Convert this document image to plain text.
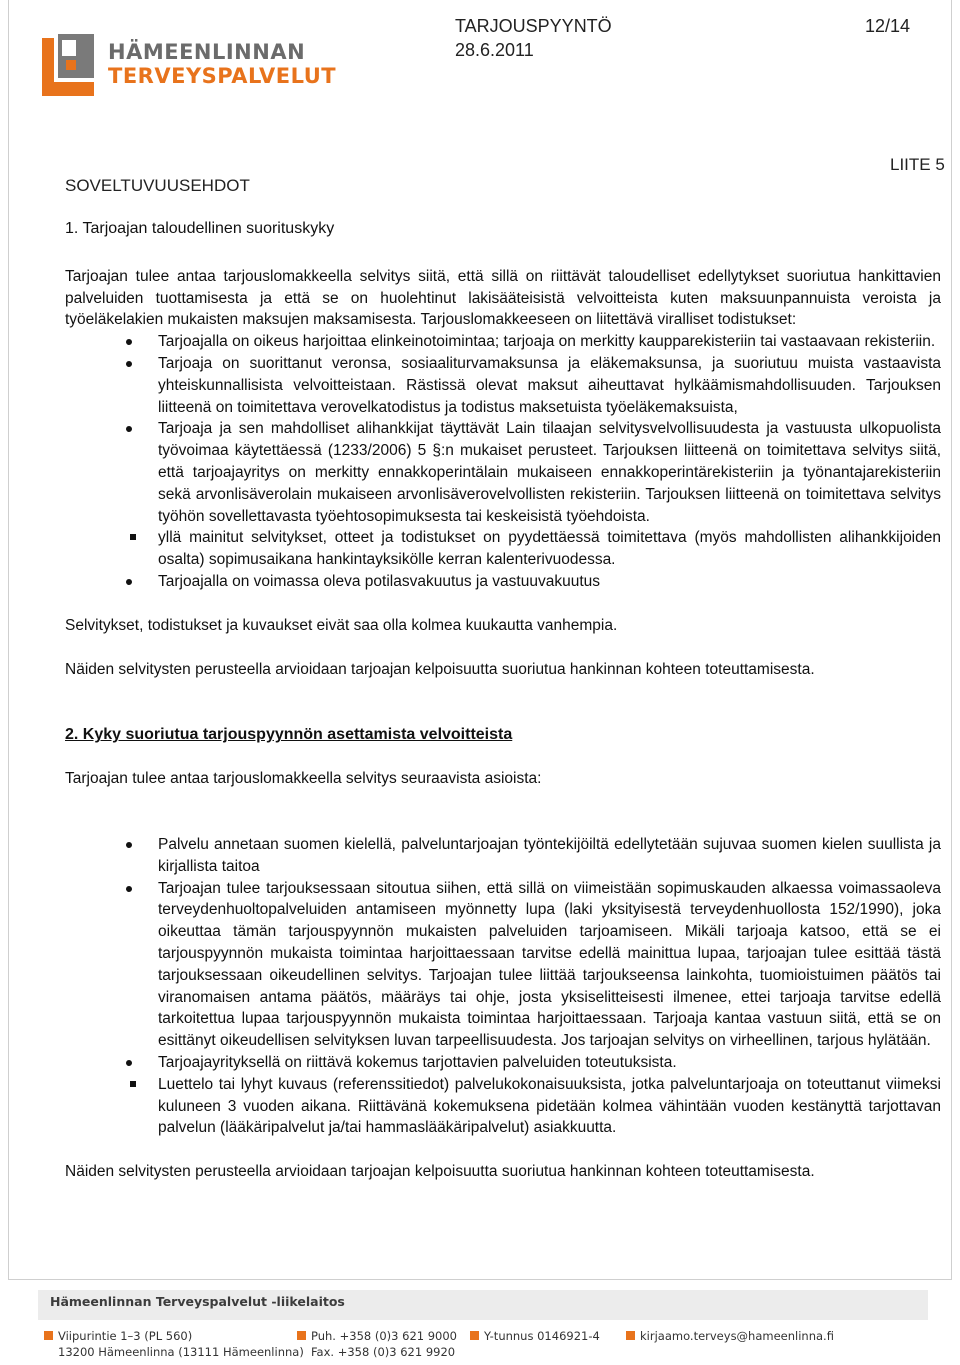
HÄMEENLINNAN
TERVEYSPALVELUT
TARJOUSPYYNTÖ
28.6.2011
12/14
LIITE 5
SOVELTUVUUSEHDOT
1. Tarjoajan taloudellinen suorituskyky

Tarjoajan tulee antaa tarjouslomakkeella selvitys siitä, että sillä on riittävät taloudelliset edellytykset suoriutua hankittavien palveluiden tuottamisesta ja että se on huolehtinut lakisääteisistä velvoitteista kuten maksuunpannuista veroista ja työeläkelakien mukaisten maksujen maksamisesta. Tarjouslomakkeeseen on liitettävä viralliset todistukset:

Tarjoajalla on oikeus harjoittaa elinkeinotoimintaa; tarjoaja on merkitty kaupparekisteriin tai vastaavaan rekisteriin.
Tarjoaja on suorittanut veronsa, sosiaaliturvamaksunsa ja eläkemaksunsa, ja suoriutuu muista vastaavista yhteiskunnallisista velvoitteistaan. Rästissä olevat maksut aiheuttavat hylkäämismahdollisuuden. Tarjouksen liitteenä on toimitettava verovelkatodistus ja todistus maksetuista työeläkemaksuista,
Tarjoaja ja sen mahdolliset alihankkijat täyttävät Lain tilaajan selvitysvelvollisuudesta ja vastuusta ulkopuolista työvoimaa käytettäessä (1233/2006) 5 §:n mukaiset perusteet. Tarjouksen liitteenä on toimitettava selvitys siitä, että tarjoajayritys on merkitty ennakkoperintälain mukaiseen ennakkoperintärekisteriin ja työnantajarekisteriin sekä arvonlisäverolain mukaiseen arvonlisäverovelvollisten rekisteriin. Tarjouksen liitteenä on toimitettava selvitys työhön sovellettavasta työehtosopimuksesta tai keskeisistä työehdoista.
yllä mainitut selvitykset, otteet ja todistukset on pyydettäessä toimitettava (myös mahdollisten alihankkijoiden osalta) sopimusaikana hankintayksikölle kerran kalenterivuodessa.
Tarjoajalla on voimassa oleva potilasvakuutus ja vastuuvakuutus

Selvitykset, todistukset ja kuvaukset eivät saa olla kolmea kuukautta vanhempia.

Näiden selvitysten perusteella arvioidaan tarjoajan kelpoisuutta suoriutua hankinnan kohteen toteuttamisesta.

2. Kyky suoriutua tarjouspyynnön asettamista velvoitteista

Tarjoajan tulee antaa tarjouslomakkeella selvitys seuraavista asioista:

Palvelu annetaan suomen kielellä, palveluntarjoajan työntekijöiltä edellytetään sujuvaa suomen kielen suullista ja kirjallista taitoa
Tarjoajan tulee tarjouksessaan sitoutua siihen, että sillä on viimeistään sopimuskauden alkaessa voimassaoleva terveydenhuoltopalveluiden antamiseen myönnetty lupa (laki yksityisestä terveydenhuollosta 152/1990), joka oikeuttaa tämän tarjouspyynnön mukaisten palveluiden tarjoamiseen. Mikäli tarjoaja katsoo, että se ei tarjouspyynnön mukaista toimintaa harjoittaessaan tarvitse edellä mainittua lupaa, tarjoajan tulee esittää tästä tarjouksessaan oikeudellinen selvitys. Tarjoajan tulee liittää tarjoukseensa lainkohta, tuomioistuimen päätös tai viranomaisen antama päätös, määräys tai ohje, josta yksiselitteisesti ilmenee, ettei tarjoaja tarvitse edellä tarkoitettua lupaa tarjouspyynnön mukaista toimintaa harjoittaessaan. Tarjoaja kantaa vastuun siitä, että se on esittänyt oikeudellisen selvityksen luvan tarpeellisuudesta. Jos tarjoajan selvitys on virheellinen, tarjous hylätään.
Tarjoajayrityksellä on riittävä kokemus tarjottavien palveluiden toteutuksista.
Luettelo tai lyhyt kuvaus (referenssitiedot) palvelukokonaisuuksista, jotka palveluntarjoaja on toteuttanut viimeksi kuluneen 3 vuoden aikana. Riittävänä kokemuksena pidetään kolmea vähintään vuoden kestänyttä tarjottavan palvelun (lääkäripalvelut ja/tai hammaslääkäripalvelut) asiakkuutta.

Näiden selvitysten perusteella arvioidaan tarjoajan kelpoisuutta suoriutua hankinnan kohteen toteuttamisesta.

Hämeenlinnan Terveyspalvelut -liikelaitos
Viipurintie 1–3 (PL 560)
13200 Hämeenlinna (13111 Hämeenlinna)
Puh. +358 (0)3 621 9000
Fax. +358 (0)3 621 9920
Y-tunnus 0146921-4	kirjaamo.terveys@hameenlinna.fi
